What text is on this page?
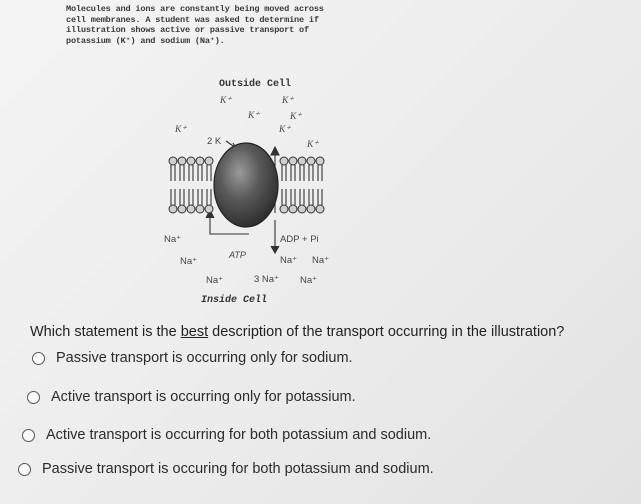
Molecules and ions are constantly being moved across
cell membranes. A student was asked to determine if
illustration shows active or passive transport of
potassium (K⁺) and sodium (Na⁺).
Outside Cell
K⁺	K⁺
K⁺	K⁺
K⁺	K⁺
2 K	K⁺
Na⁺
ATP
ADP + Pi
Na⁺	Na⁺ Na⁺
Na⁺	3 Na⁺ Na⁺
Inside Cell
Which statement is the best description of the transport occurring in the illustration?
Passive transport is occurring only for sodium.
Active transport is occurring only for potassium.
Active transport is occurring for both potassium and sodium.
Passive transport is occuring for both potassium and sodium.
